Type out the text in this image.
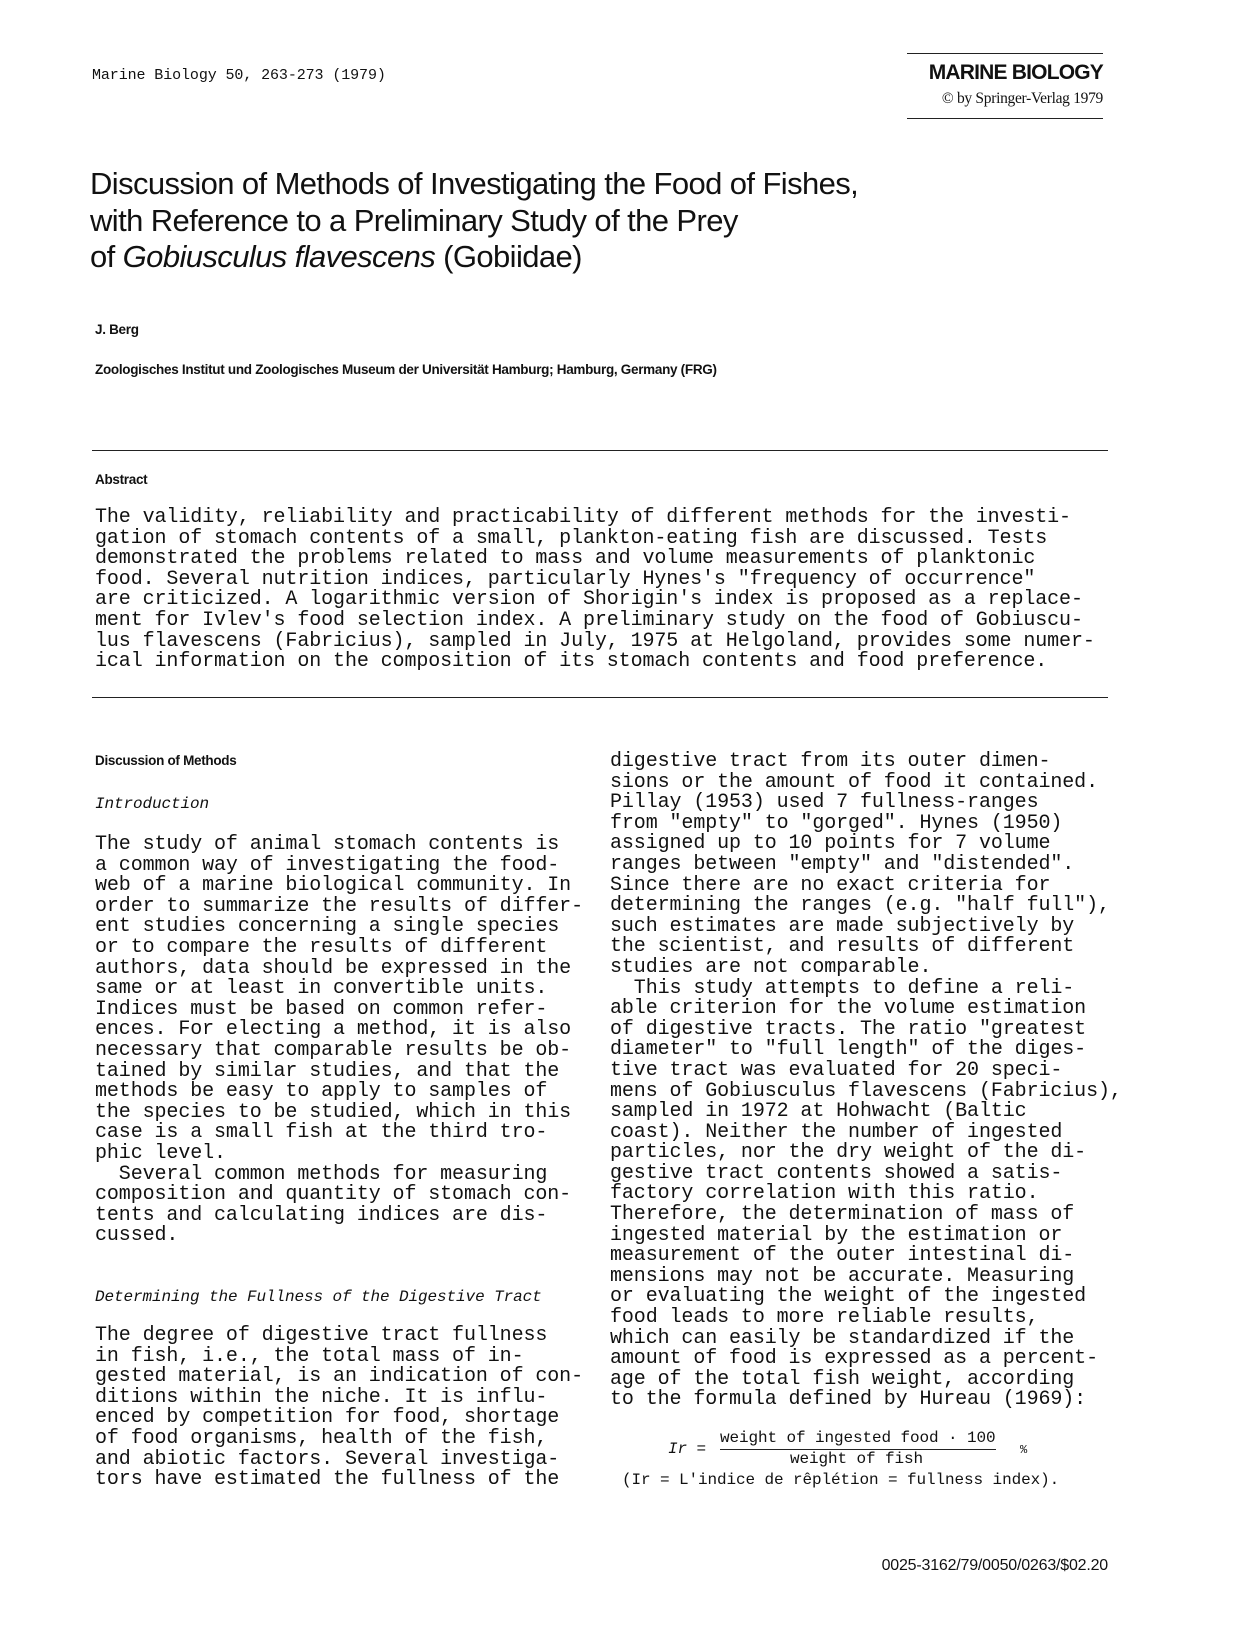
Marine Biology 50, 263-273 (1979)	MARINE BIOLOGY
© by Springer-Verlag 1979
Discussion of Methods of Investigating the Food of Fishes,
with Reference to a Preliminary Study of the Prey
of Gobiusculus flavescens (Gobiidae)
J. Berg
Zoologisches Institut und Zoologisches Museum der Universität Hamburg; Hamburg, Germany (FRG)
Abstract
The validity, reliability and practicability of different methods for the investi-
gation of stomach contents of a small, plankton-eating fish are discussed. Tests
demonstrated the problems related to mass and volume measurements of planktonic
food. Several nutrition indices, particularly Hynes's "frequency of occurrence"
are criticized. A logarithmic version of Shorigin's index is proposed as a replace-
ment for Ivlev's food selection index. A preliminary study on the food of Gobiuscu-
lus flavescens (Fabricius), sampled in July, 1975 at Helgoland, provides some numer-
ical information on the composition of its stomach contents and food preference.
Discussion of Methods
Introduction
The study of animal stomach contents is
a common way of investigating the food-
web of a marine biological community. In
order to summarize the results of differ-
ent studies concerning a single species
or to compare the results of different
authors, data should be expressed in the
same or at least in convertible units.
Indices must be based on common refer-
ences. For electing a method, it is also
necessary that comparable results be ob-
tained by similar studies, and that the
methods be easy to apply to samples of
the species to be studied, which in this
case is a small fish at the third tro-
phic level.
Several common methods for measuring
composition and quantity of stomach con-
tents and calculating indices are dis-
cussed.
Determining the Fullness of the Digestive Tract
The degree of digestive tract fullness
in fish, i.e., the total mass of in-
gested material, is an indication of con-
ditions within the niche. It is influ-
enced by competition for food, shortage
of food organisms, health of the fish,
and abiotic factors. Several investiga-
tors have estimated the fullness of the
digestive tract from its outer dimen-
sions or the amount of food it contained.
Pillay (1953) used 7 fullness-ranges
from "empty" to "gorged". Hynes (1950)
assigned up to 10 points for 7 volume
ranges between "empty" and "distended".
Since there are no exact criteria for
determining the ranges (e.g. "half full"),
such estimates are made subjectively by
the scientist, and results of different
studies are not comparable.
This study attempts to define a reli-
able criterion for the volume estimation
of digestive tracts. The ratio "greatest
diameter" to "full length" of the diges-
tive tract was evaluated for 20 speci-
mens of Gobiusculus flavescens (Fabricius),
sampled in 1972 at Hohwacht (Baltic
coast). Neither the number of ingested
particles, nor the dry weight of the di-
gestive tract contents showed a satis-
factory correlation with this ratio.
Therefore, the determination of mass of
ingested material by the estimation or
measurement of the outer intestinal di-
mensions may not be accurate. Measuring
or evaluating the weight of the ingested
food leads to more reliable results,
which can easily be standardized if the
amount of food is expressed as a percent-
age of the total fish weight, according
to the formula defined by Hureau (1969):
Ir =
weight of ingested food · 100
weight of fish	%
(Ir = L'indice de rêplétion = fullness index).
0025-3162/79/0050/0263/$02.20
